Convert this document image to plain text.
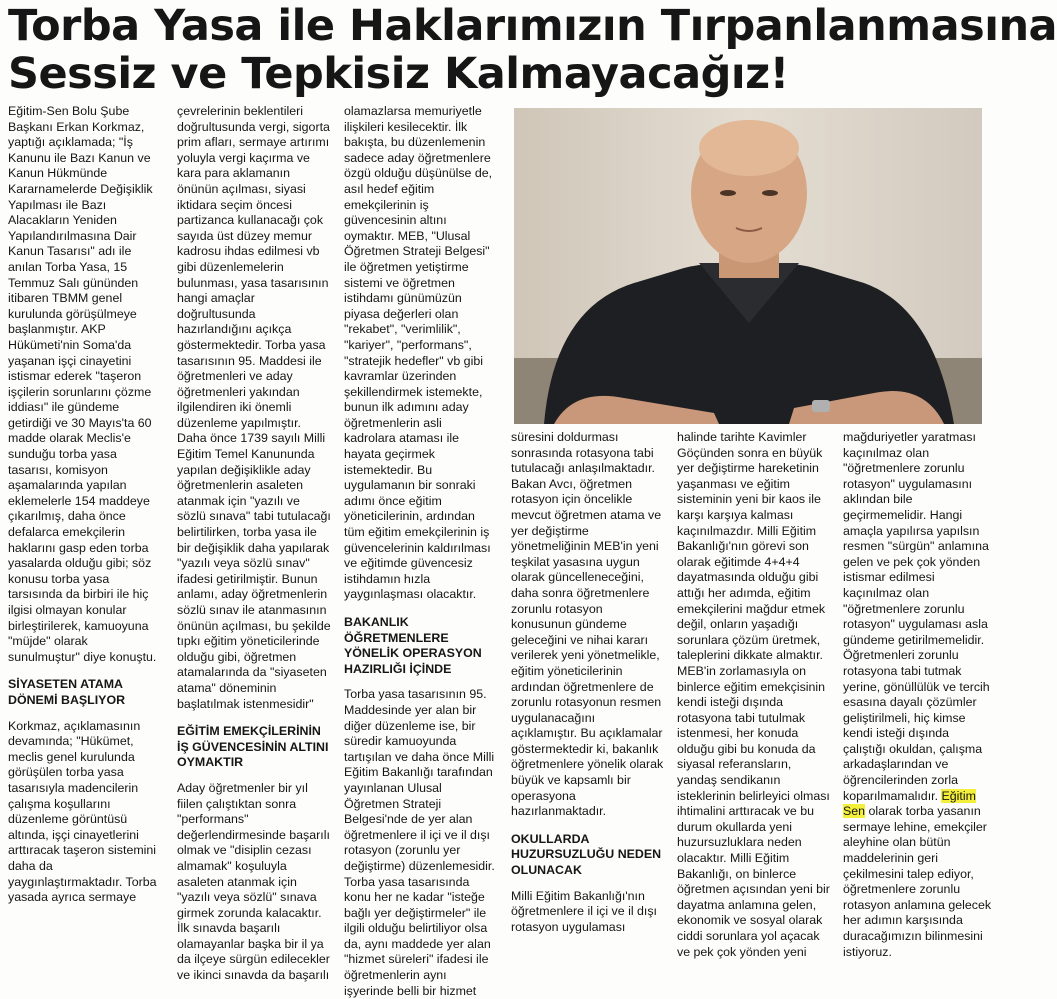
Torba Yasa ile Haklarımızın Tırpanlanmasına
Sessiz ve Tepkisiz Kalmayacağız!

Eğitim-Sen Bolu Şube Başkanı Erkan Korkmaz, yaptığı açıklamada; "İş Kanunu ile Bazı Kanun ve Kanun Hükmünde Kararnamelerde Değişiklik Yapılması ile Bazı Alacakların Yeniden Yapılandırılmasına Dair Kanun Tasarısı" adı ile anılan Torba Yasa, 15 Temmuz Salı gününden itibaren TBMM genel kurulunda görüşülmeye başlanmıştır. AKP Hükümeti'nin Soma'da yaşanan işçi cinayetini istismar ederek "taşeron işçilerin sorunlarını çözme iddiası" ile gündeme getirdiği ve 30 Mayıs'ta 60 madde olarak Meclis'e sunduğu torba yasa tasarısı, komisyon aşamalarında yapılan eklemelerle 154 maddeye çıkarılmış, daha önce defalarca emekçilerin haklarını gasp eden torba yasalarda olduğu gibi; söz konusu torba yasa tarsısında da birbiri ile hiç ilgisi olmayan konular birleştirilerek, kamuoyuna "müjde" olarak sunulmuştur" diye konuştu.

SİYASETEN ATAMA DÖNEMİ BAŞLIYOR

Korkmaz, açıklamasının devamında; "Hükümet, meclis genel kurulunda görüşülen torba yasa tasarısıyla madencilerin çalışma koşullarını düzenleme görüntüsü altında, işçi cinayetlerini arttıracak taşeron sistemini daha da yaygınlaştırmaktadır. Torba yasada ayrıca sermaye

çevrelerinin beklentileri doğrultusunda vergi, sigorta prim afları, sermaye artırımı yoluyla vergi kaçırma ve kara para aklamanın önünün açılması, siyasi iktidara seçim öncesi partizanca kullanacağı çok sayıda üst düzey memur kadrosu ihdas edilmesi vb gibi düzenlemelerin bulunması, yasa tasarısının hangi amaçlar doğrultusunda hazırlandığını açıkça göstermektedir. Torba yasa tasarısının 95. Maddesi ile öğretmenleri ve aday öğretmenleri yakından ilgilendiren iki önemli düzenleme yapılmıştır. Daha önce 1739 sayılı Milli Eğitim Temel Kanununda yapılan değişiklikle aday öğretmenlerin asaleten atanmak için "yazılı ve sözlü sınava" tabi tutulacağı belirtilirken, torba yasa ile bir değişiklik daha yapılarak "yazılı veya sözlü sınav" ifadesi getirilmiştir. Bunun anlamı, aday öğretmenlerin sözlü sınav ile atanmasının önünün açılması, bu şekilde tıpkı eğitim yöneticilerinde olduğu gibi, öğretmen atamalarında da "siyaseten atama" döneminin başlatılmak istenmesidir"

EĞİTİM EMEKÇİLERİNİN İŞ GÜVENCESİNİN ALTINI OYMAKTIR

Aday öğretmenler bir yıl fiilen çalıştıktan sonra "performans" değerlendirmesinde başarılı olmak ve "disiplin cezası almamak" koşuluyla asaleten atanmak için "yazılı veya sözlü" sınava girmek zorunda kalacaktır. İlk sınavda başarılı olamayanlar başka bir il ya da ilçeye sürgün edilecekler ve ikinci sınavda da başarılı

olamazlarsa memuriyetle ilişkileri kesilecektir. İlk bakışta, bu düzenlemenin sadece aday öğretmenlere özgü olduğu düşünülse de, asıl hedef eğitim emekçilerinin iş güvencesinin altını oymaktır. MEB, "Ulusal Öğretmen Strateji Belgesi" ile öğretmen yetiştirme sistemi ve öğretmen istihdamı günümüzün piyasa değerleri olan "rekabet", "verimlilik", "kariyer", "performans", "stratejik hedefler" vb gibi kavramlar üzerinden şekillendirmek istemekte, bunun ilk adımını aday öğretmenlerin asli kadrolara ataması ile hayata geçirmek istemektedir. Bu uygulamanın bir sonraki adımı önce eğitim yöneticilerinin, ardından tüm eğitim emekçilerinin iş güvencelerinin kaldırılması ve eğitimde güvencesiz istihdamın hızla yaygınlaşması olacaktır.

BAKANLIK ÖĞRETMENLERE YÖNELİK OPERASYON HAZIRLIĞI İÇİNDE

Torba yasa tasarısının 95. Maddesinde yer alan bir diğer düzenleme ise, bir süredir kamuoyunda tartışılan ve daha önce Milli Eğitim Bakanlığı tarafından yayınlanan Ulusal Öğretmen Strateji Belgesi'nde de yer alan öğretmenlere il içi ve il dışı rotasyon (zorunlu yer değiştirme) düzenlemesidir. Torba yasa tasarısında konu her ne kadar "isteğe bağlı yer değiştirmeler" ile ilgili olduğu belirtiliyor olsa da, aynı maddede yer alan "hizmet süreleri" ifadesi ile öğretmenlerin aynı işyerinde belli bir hizmet

süresini doldurması sonrasında rotasyona tabi tutulacağı anlaşılmaktadır. Bakan Avcı, öğretmen rotasyon için öncelikle mevcut öğretmen atama ve yer değiştirme yönetmeliğinin MEB'in yeni teşkilat yasasına uygun olarak güncelleneceğini, daha sonra öğretmenlere zorunlu rotasyon konusunun gündeme geleceğini ve nihai kararı verilerek yeni yönetmelikle, eğitim yöneticilerinin ardından öğretmenlere de zorunlu rotasyonun resmen uygulanacağını açıklamıştır. Bu açıklamalar göstermektedir ki, bakanlık öğretmenlere yönelik olarak büyük ve kapsamlı bir operasyona hazırlanmaktadır.

OKULLARDA HUZURSUZLUĞU NEDEN OLUNACAK

Milli Eğitim Bakanlığı'nın öğretmenlere il içi ve il dışı rotasyon uygulaması

halinde tarihte Kavimler Göçünden sonra en büyük yer değiştirme hareketinin yaşanması ve eğitim sisteminin yeni bir kaos ile karşı karşıya kalması kaçınılmazdır. Milli Eğitim Bakanlığı'nın görevi son olarak eğitimde 4+4+4 dayatmasında olduğu gibi attığı her adımda, eğitim emekçilerini mağdur etmek değil, onların yaşadığı sorunlara çözüm üretmek, taleplerini dikkate almaktır. MEB'in zorlamasıyla on binlerce eğitim emekçisinin kendi isteği dışında rotasyona tabi tutulmak istenmesi, her konuda olduğu gibi bu konuda da siyasal referansların, yandaş sendikanın isteklerinin belirleyici olması ihtimalini arttıracak ve bu durum okullarda yeni huzursuzluklara neden olacaktır. Milli Eğitim Bakanlığı, on binlerce öğretmen açısından yeni bir dayatma anlamına gelen, ekonomik ve sosyal olarak ciddi sorunlara yol açacak ve pek çok yönden yeni

mağduriyetler yaratması kaçınılmaz olan "öğretmenlere zorunlu rotasyon" uygulamasını aklından bile geçirmemelidir. Hangi amaçla yapılırsa yapılsın resmen "sürgün" anlamına gelen ve pek çok yönden istismar edilmesi kaçınılmaz olan "öğretmenlere zorunlu rotasyon" uygulaması asla gündeme getirilmemelidir. Öğretmenleri zorunlu rotasyona tabi tutmak yerine, gönüllülük ve tercih esasına dayalı çözümler geliştirilmeli, hiç kimse kendi isteği dışında çalıştığı okuldan, çalışma arkadaşlarından ve öğrencilerinden zorla koparılmamalıdır. Eğitim Sen olarak torba yasanın sermaye lehine, emekçiler aleyhine olan bütün maddelerinin geri çekilmesini talep ediyor, öğretmenlere zorunlu rotasyon anlamına gelecek her adımın karşısında duracağımızın bilinmesini istiyoruz.
